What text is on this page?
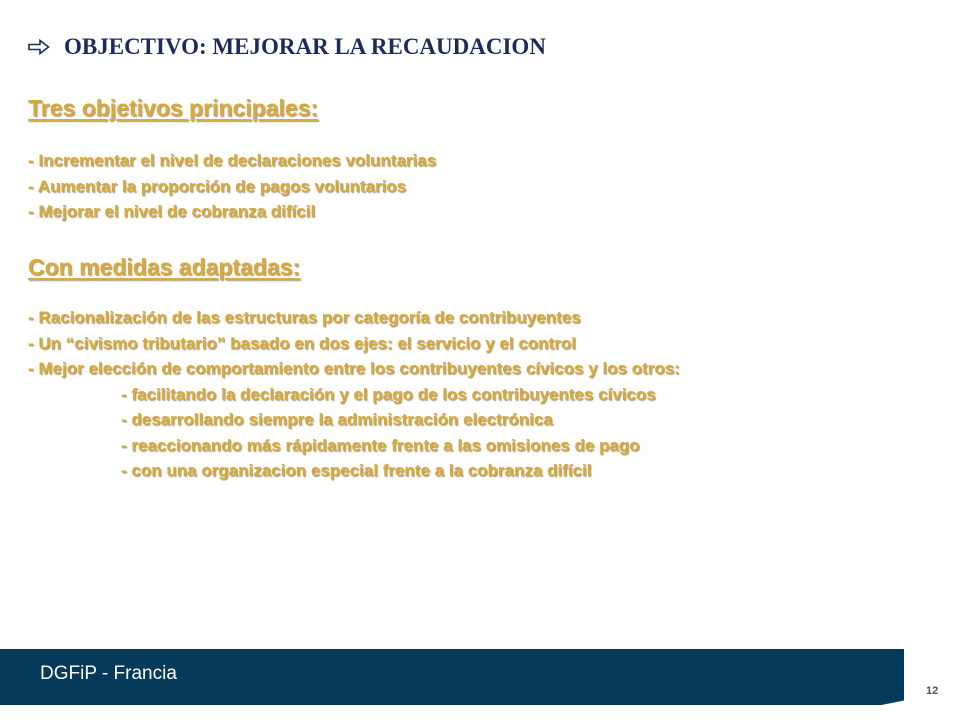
OBJECTIVO: MEJORAR LA RECAUDACION
Tres objetivos principales:
- Incrementar el nivel de declaraciones voluntarias
- Aumentar la proporción de pagos voluntarios
- Mejorar el nivel de cobranza difícil
Con medidas adaptadas:
- Racionalización de las estructuras por categoría de contribuyentes
- Un “civismo tributario” basado en dos ejes: el servicio y el control
- Mejor elección de comportamiento entre los contribuyentes cívicos y los otros:
- facilitando la declaración y el pago de los contribuyentes cívicos
- desarrollando siempre la administración electrónica
- reaccionando más rápidamente frente a las omisiones de pago
- con una organizacion especial frente a la cobranza difícil
DGFiP - Francia
12
